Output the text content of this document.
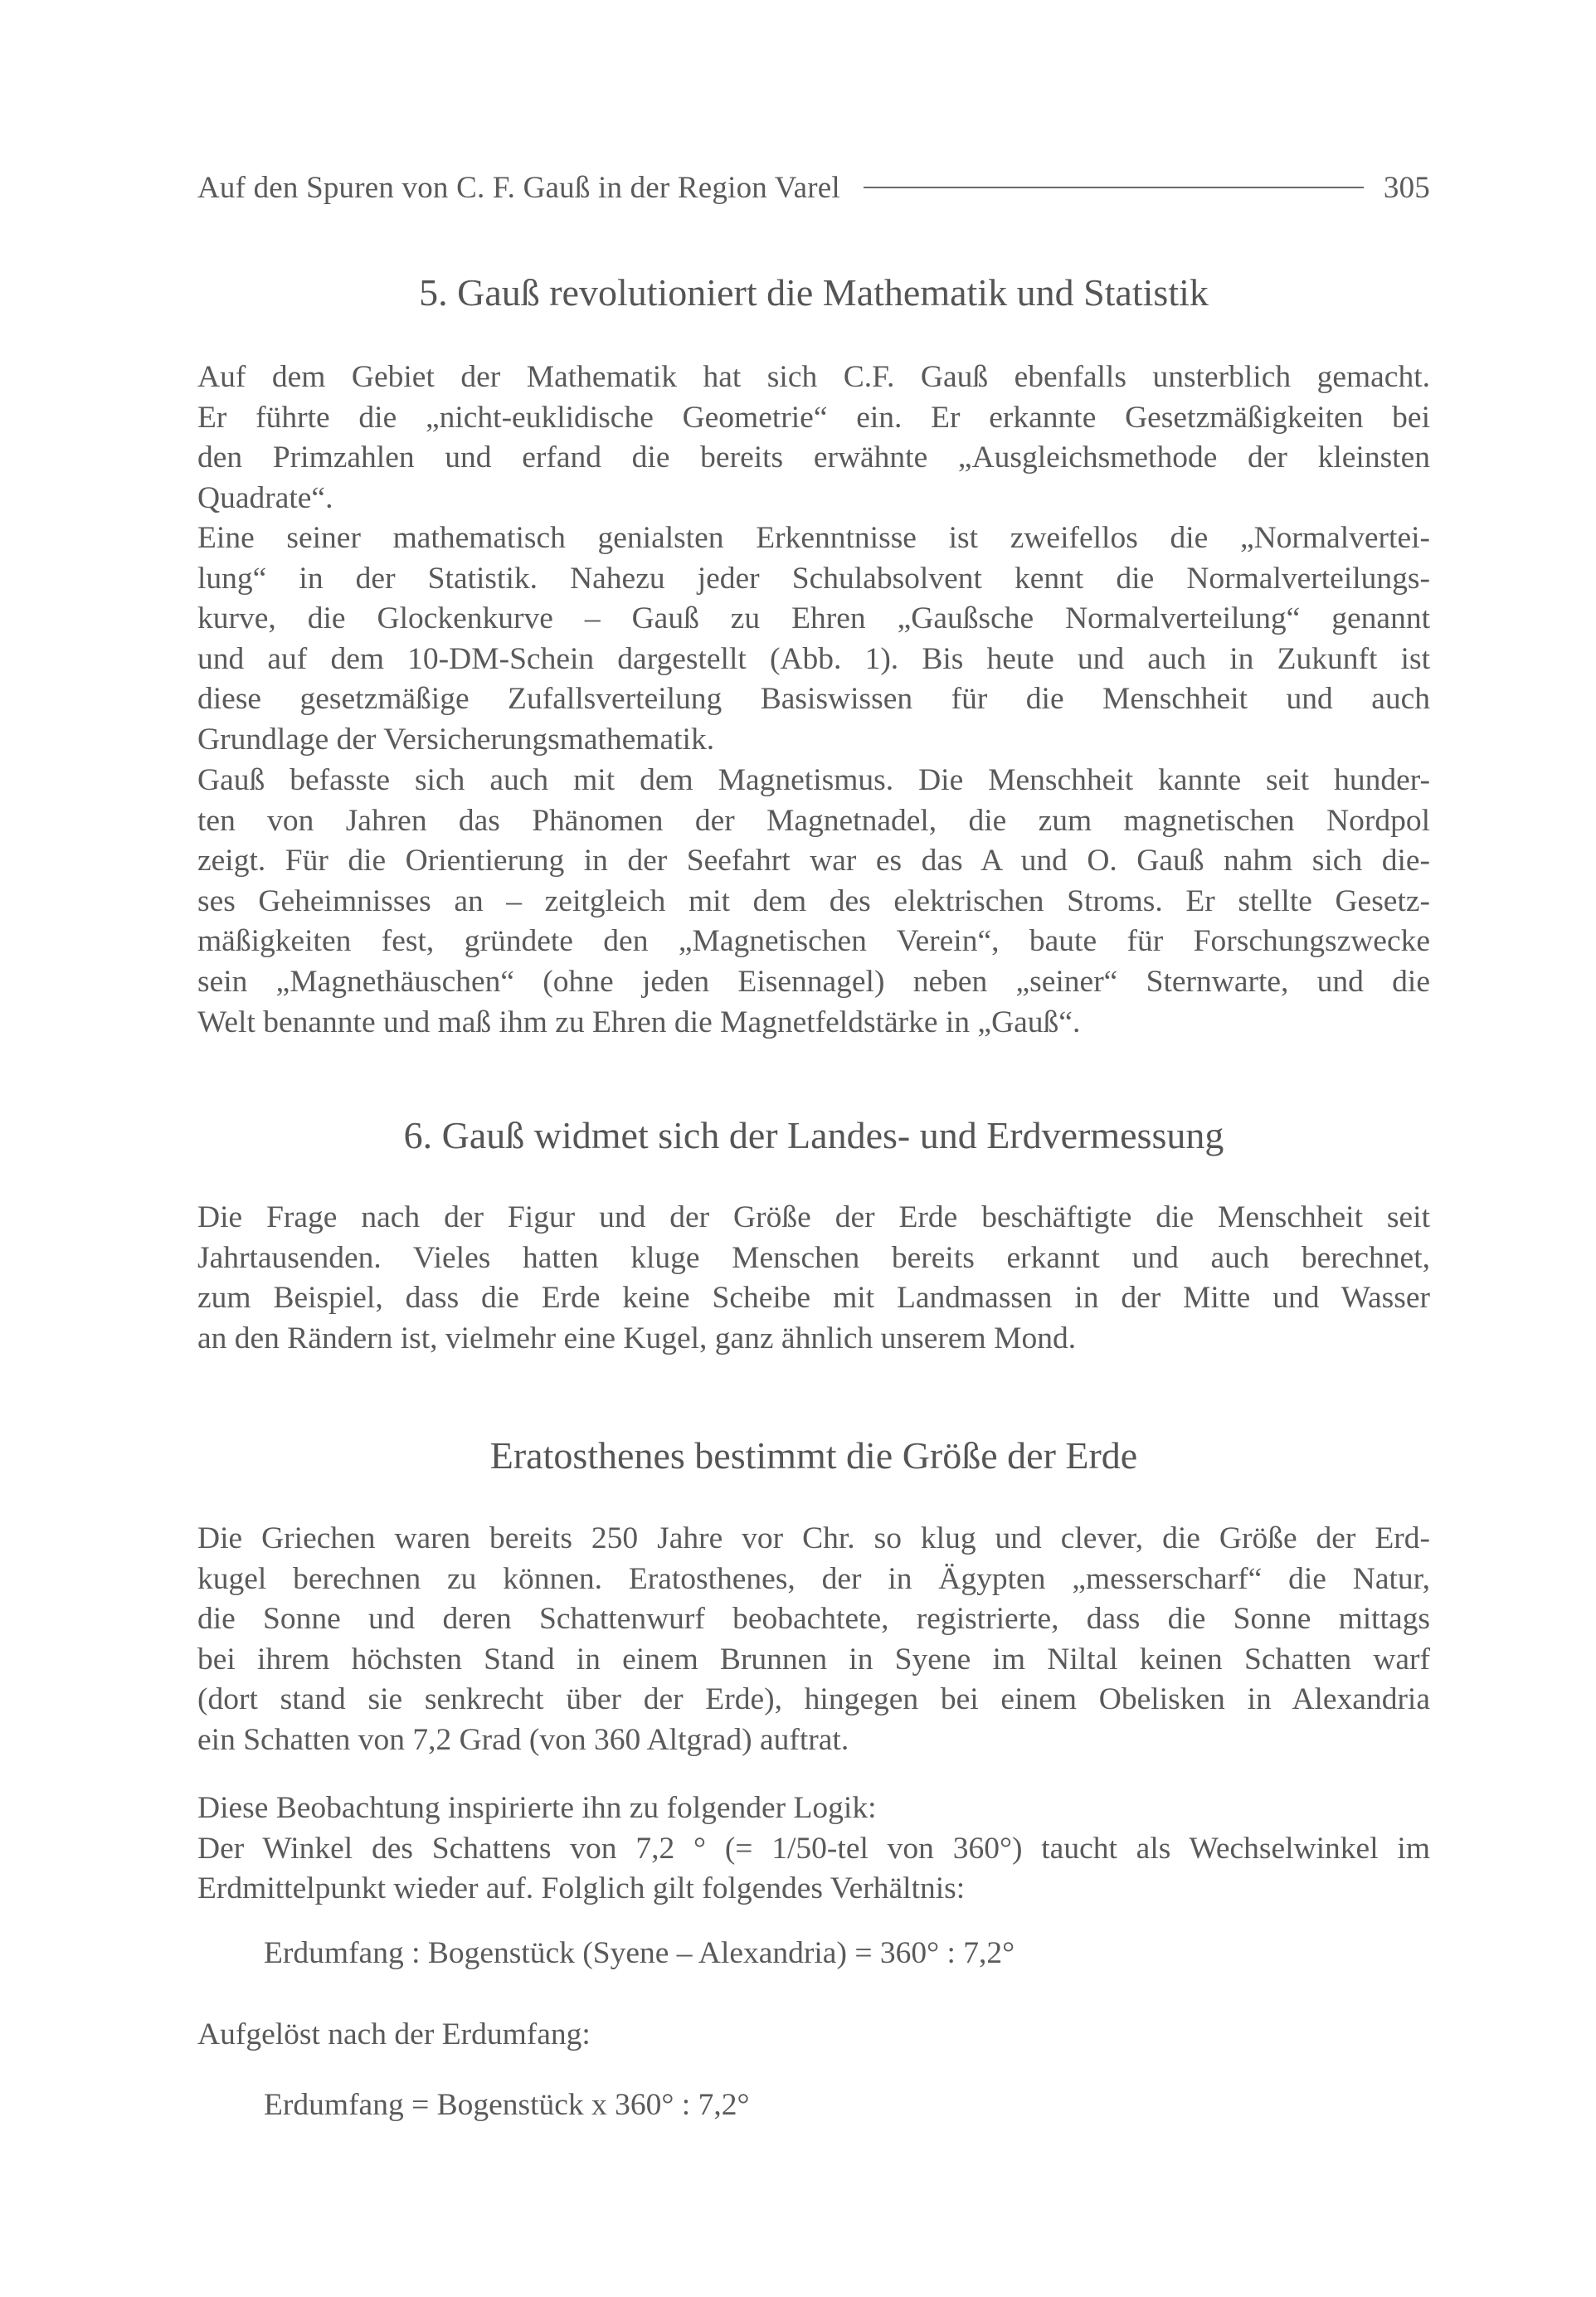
Auf den Spuren von C. F. Gauß in der Region Varel	305
5. Gauß revolutioniert die Mathematik und Statistik
Auf dem Gebiet der Mathematik hat sich C.F. Gauß ebenfalls unsterblich gemacht.
Er führte die „nicht-euklidische Geometrie“ ein. Er erkannte Gesetzmäßigkeiten bei
den Primzahlen und erfand die bereits erwähnte „Ausgleichsmethode der kleinsten
Quadrate“.
Eine seiner mathematisch genialsten Erkenntnisse ist zweifellos die „Normalvertei-
lung“ in der Statistik. Nahezu jeder Schulabsolvent kennt die Normalverteilungs-
kurve, die Glockenkurve – Gauß zu Ehren „Gaußsche Normalverteilung“ genannt
und auf dem 10-DM-Schein dargestellt (Abb. 1). Bis heute und auch in Zukunft ist
diese gesetzmäßige Zufallsverteilung Basiswissen für die Menschheit und auch
Grundlage der Versicherungsmathematik.
Gauß befasste sich auch mit dem Magnetismus. Die Menschheit kannte seit hunder-
ten von Jahren das Phänomen der Magnetnadel, die zum magnetischen Nordpol
zeigt. Für die Orientierung in der Seefahrt war es das A und O. Gauß nahm sich die-
ses Geheimnisses an – zeitgleich mit dem des elektrischen Stroms. Er stellte Gesetz-
mäßigkeiten fest, gründete den „Magnetischen Verein“, baute für Forschungszwecke
sein „Magnethäuschen“ (ohne jeden Eisennagel) neben „seiner“ Sternwarte, und die
Welt benannte und maß ihm zu Ehren die Magnetfeldstärke in „Gauß“.
6. Gauß widmet sich der Landes- und Erdvermessung
Die Frage nach der Figur und der Größe der Erde beschäftigte die Menschheit seit
Jahrtausenden. Vieles hatten kluge Menschen bereits erkannt und auch berechnet,
zum Beispiel, dass die Erde keine Scheibe mit Landmassen in der Mitte und Wasser
an den Rändern ist, vielmehr eine Kugel, ganz ähnlich unserem Mond.
Eratosthenes bestimmt die Größe der Erde
Die Griechen waren bereits 250 Jahre vor Chr. so klug und clever, die Größe der Erd-
kugel berechnen zu können. Eratosthenes, der in Ägypten „messerscharf“ die Natur,
die Sonne und deren Schattenwurf beobachtete, registrierte, dass die Sonne mittags
bei ihrem höchsten Stand in einem Brunnen in Syene im Niltal keinen Schatten warf
(dort stand sie senkrecht über der Erde), hingegen bei einem Obelisken in Alexandria
ein Schatten von 7,2 Grad (von 360 Altgrad) auftrat.
Diese Beobachtung inspirierte ihn zu folgender Logik:
Der Winkel des Schattens von 7,2 ° (= 1/50-tel von 360°) taucht als Wechselwinkel im
Erdmittelpunkt wieder auf. Folglich gilt folgendes Verhältnis:
Erdumfang : Bogenstück (Syene – Alexandria) = 360° : 7,2°
Aufgelöst nach der Erdumfang:
Erdumfang = Bogenstück x 360° : 7,2°
